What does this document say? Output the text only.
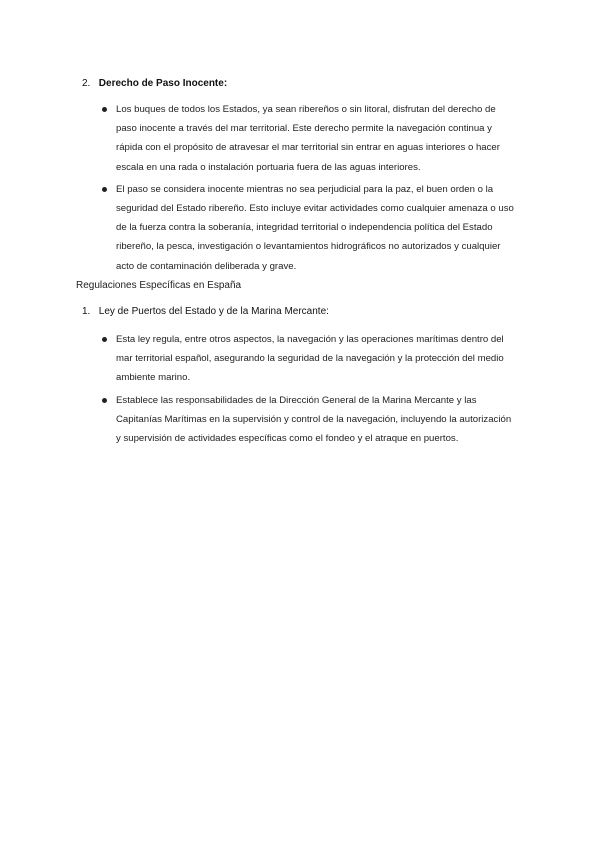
2. Derecho de Paso Inocente:
Los buques de todos los Estados, ya sean ribereños o sin litoral, disfrutan del derecho de paso inocente a través del mar territorial. Este derecho permite la navegación continua y rápida con el propósito de atravesar el mar territorial sin entrar en aguas interiores o hacer escala en una rada o instalación portuaria fuera de las aguas interiores.
El paso se considera inocente mientras no sea perjudicial para la paz, el buen orden o la seguridad del Estado ribereño. Esto incluye evitar actividades como cualquier amenaza o uso de la fuerza contra la soberanía, integridad territorial o independencia política del Estado ribereño, la pesca, investigación o levantamientos hidrográficos no autorizados y cualquier acto de contaminación deliberada y grave.
Regulaciones Específicas en España
1. Ley de Puertos del Estado y de la Marina Mercante:
Esta ley regula, entre otros aspectos, la navegación y las operaciones marítimas dentro del mar territorial español, asegurando la seguridad de la navegación y la protección del medio ambiente marino.
Establece las responsabilidades de la Dirección General de la Marina Mercante y las Capitanías Marítimas en la supervisión y control de la navegación, incluyendo la autorización y supervisión de actividades específicas como el fondeo y el atraque en puertos.
